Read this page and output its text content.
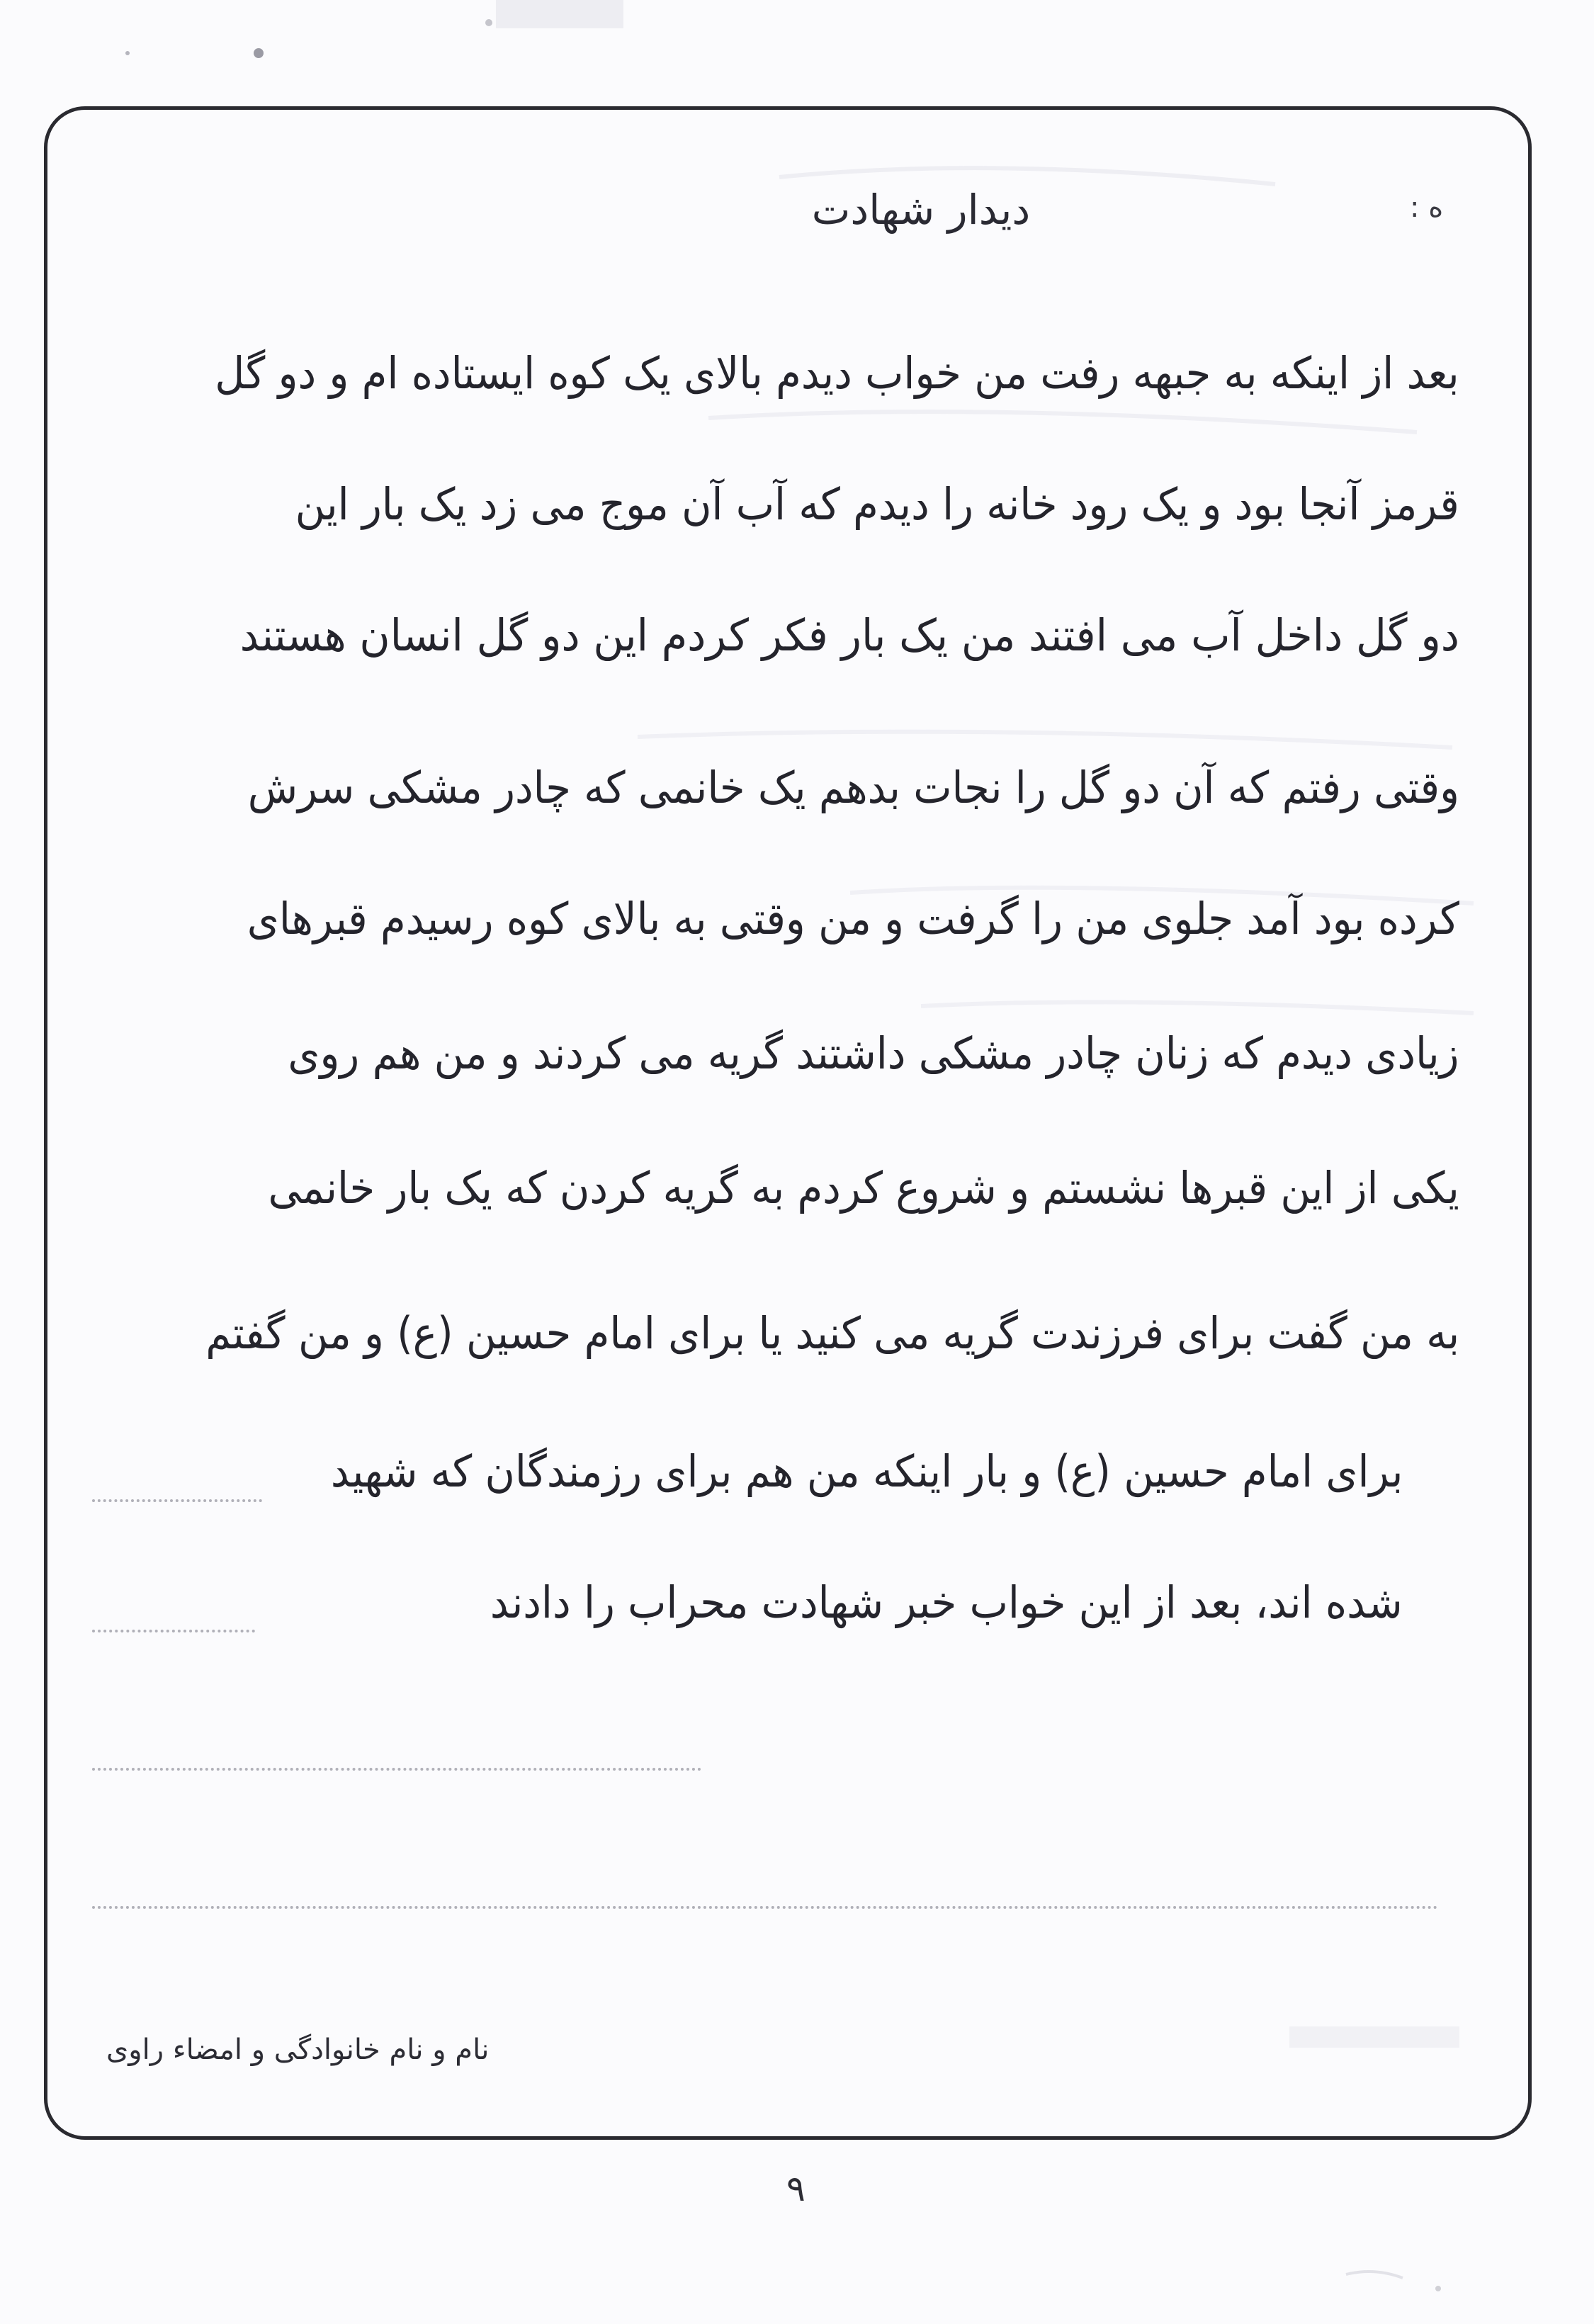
ه :
دیدار شهادت
بعد از اینکه به جبهه رفت من خواب دیدم بالای یک کوه ایستاده ام و دو گل
قرمز آنجا بود و یک رود خانه را دیدم که آب آن موج می زد یک بار این
دو گل داخل آب می افتند من یک بار فکر کردم این دو گل انسان هستند
وقتی رفتم که آن دو گل را نجات بدهم یک خانمی که چادر مشکی سرش
کرده بود آمد جلوی من را گرفت و من وقتی به بالای کوه رسیدم قبرهای
زیادی دیدم که زنان چادر مشکی داشتند گریه می کردند و من هم روی
یکی از این قبرها نشستم و شروع کردم به گریه کردن که یک بار خانمی
به من گفت برای فرزندت گریه می کنید یا برای امام حسین (ع) و من گفتم
برای امام حسین (ع) و بار اینکه من هم برای رزمندگان که شهید
شده اند، بعد از این خواب خبر شهادت محراب را دادند
نام و نام خانوادگی و امضاء راوی
۹
